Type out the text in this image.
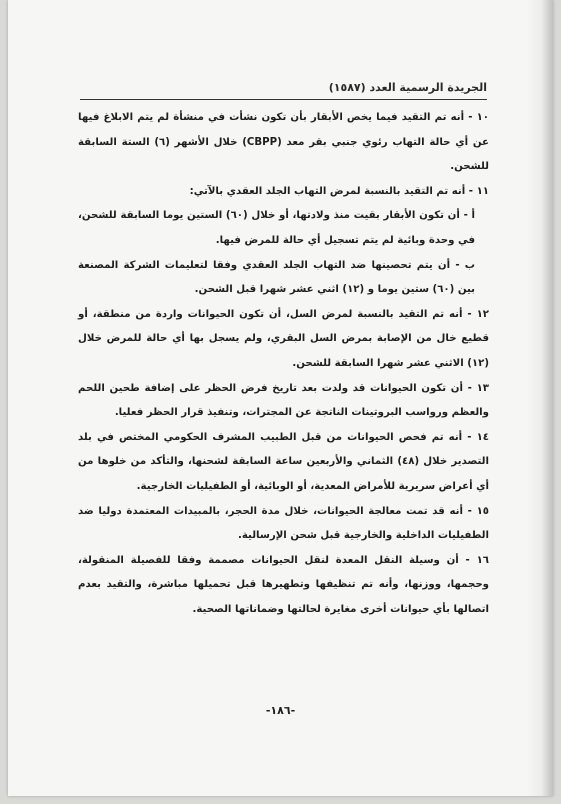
الجريدة الرسمية العدد (١٥٨٧)

١٠ - أنه تم التقيد فيما يخص الأبقار بأن تكون نشأت في منشأة لم يتم الابلاغ فيها عن أي حالة التهاب رئوي جنبي بقر معد (CBPP) خلال الأشهر (٦) الستة السابقة للشحن.

١١ - أنه تم التقيد بالنسبة لمرض التهاب الجلد العقدي بالآتي:

أ - أن تكون الأبقار بقيت منذ ولادتها، أو خلال (٦٠) الستين يوما السابقة للشحن، في وحدة وبائية لم يتم تسجيل أي حالة للمرض فيها.

ب - أن يتم تحصينها ضد التهاب الجلد العقدي وفقا لتعليمات الشركة المصنعة بين (٦٠) ستين يوما و (١٢) اثني عشر شهرا قبل الشحن.

١٢ - أنه تم التقيد بالنسبة لمرض السل، أن تكون الحيوانات واردة من منطقة، أو قطيع خال من الإصابة بمرض السل البقري، ولم يسجل بها أي حالة للمرض خلال (١٢) الاثني عشر شهرا السابقة للشحن.

١٣ - أن تكون الحيوانات قد ولدت بعد تاريخ فرض الحظر على إضافة طحين اللحم والعظم ورواسب البروتينات الناتجة عن المجترات، وتنفيذ قرار الحظر فعليا.

١٤ - أنه تم فحص الحيوانات من قبل الطبيب المشرف الحكومي المختص في بلد التصدير خلال (٤٨) الثماني والأربعين ساعة السابقة لشحنها، والتأكد من خلوها من أي أعراض سريرية للأمراض المعدية، أو الوبائية، أو الطفيليات الخارجية.

١٥ - أنه قد تمت معالجة الحيوانات، خلال مدة الحجر، بالمبيدات المعتمدة دوليا ضد الطفيليات الداخلية والخارجية قبل شحن الإرسالية.

١٦ - أن وسيلة النقل المعدة لنقل الحيوانات مصممة وفقا للفصيلة المنقولة، وحجمها، ووزنها، وأنه تم تنظيفها وتطهيرها قبل تحميلها مباشرة، والتقيد بعدم اتصالها بأي حيوانات أخرى مغايرة لحالتها وضماناتها الصحية.

-١٨٦-
